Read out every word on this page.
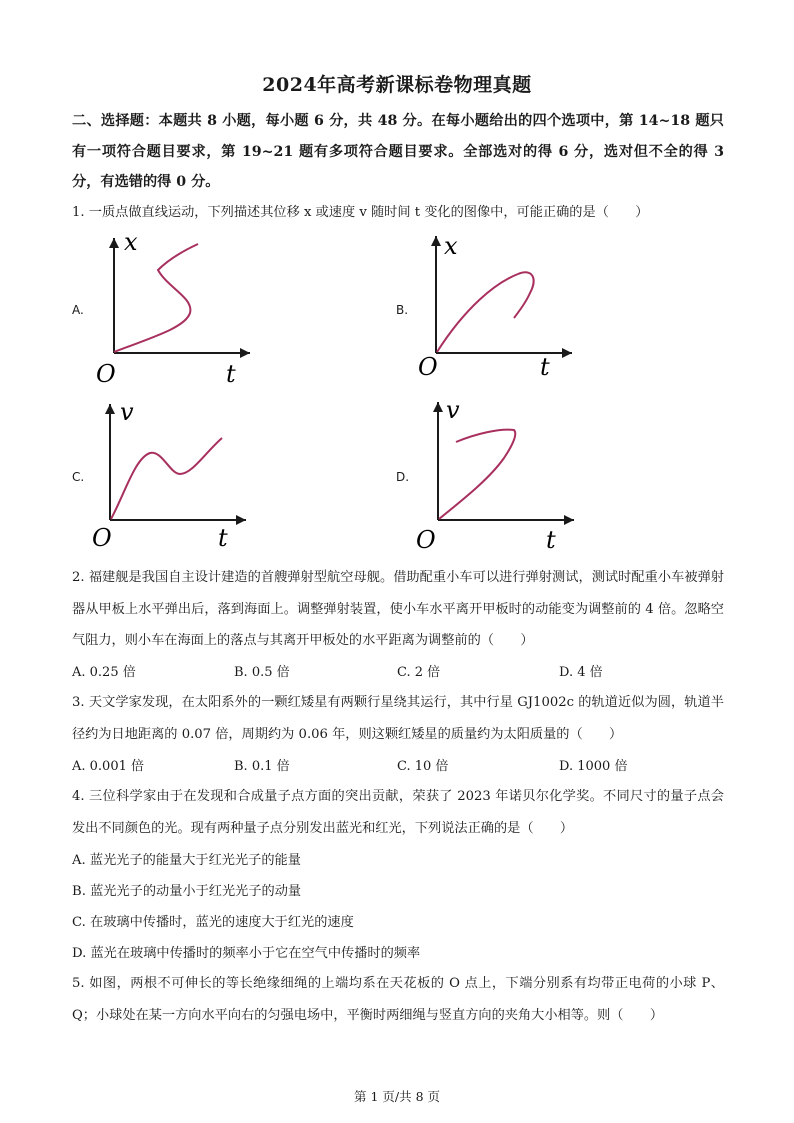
2024年高考新课标卷物理真题
二、选择题：本题共 8 小题，每小题 6 分，共 48 分。在每小题给出的四个选项中，第 14~18 题只有一项符合题目要求，第 19~21 题有多项符合题目要求。全部选对的得 6 分，选对但不全的得 3 分，有选错的得 0 分。
1. 一质点做直线运动，下列描述其位移 x 或速度 v 随时间 t 变化的图像中，可能正确的是（　　）
A.
x
O	t
B.
x
O	t
C.
v
O	t
D.
v
O	t
2. 福建舰是我国自主设计建造的首艘弹射型航空母舰。借助配重小车可以进行弹射测试，测试时配重小车被弹射器从甲板上水平弹出后，落到海面上。调整弹射装置，使小车水平离开甲板时的动能变为调整前的 4 倍。忽略空气阻力，则小车在海面上的落点与其离开甲板处的水平距离为调整前的（　　）
A. 0.25 倍	B. 0.5 倍	C. 2 倍	D. 4 倍
3. 天文学家发现，在太阳系外的一颗红矮星有两颗行星绕其运行，其中行星 GJ1002c 的轨道近似为圆，轨道半径约为日地距离的 0.07 倍，周期约为 0.06 年，则这颗红矮星的质量约为太阳质量的（　　）
A. 0.001 倍	B. 0.1 倍	C. 10 倍	D. 1000 倍
4. 三位科学家由于在发现和合成量子点方面的突出贡献，荣获了 2023 年诺贝尔化学奖。不同尺寸的量子点会发出不同颜色的光。现有两种量子点分别发出蓝光和红光，下列说法正确的是（　　）
A. 蓝光光子的能量大于红光光子的能量
B. 蓝光光子的动量小于红光光子的动量
C. 在玻璃中传播时，蓝光的速度大于红光的速度
D. 蓝光在玻璃中传播时的频率小于它在空气中传播时的频率
5. 如图，两根不可伸长的等长绝缘细绳的上端均系在天花板的 O 点上，下端分别系有均带正电荷的小球 P、Q；小球处在某一方向水平向右的匀强电场中，平衡时两细绳与竖直方向的夹角大小相等。则（　　）
第 1 页/共 8 页
